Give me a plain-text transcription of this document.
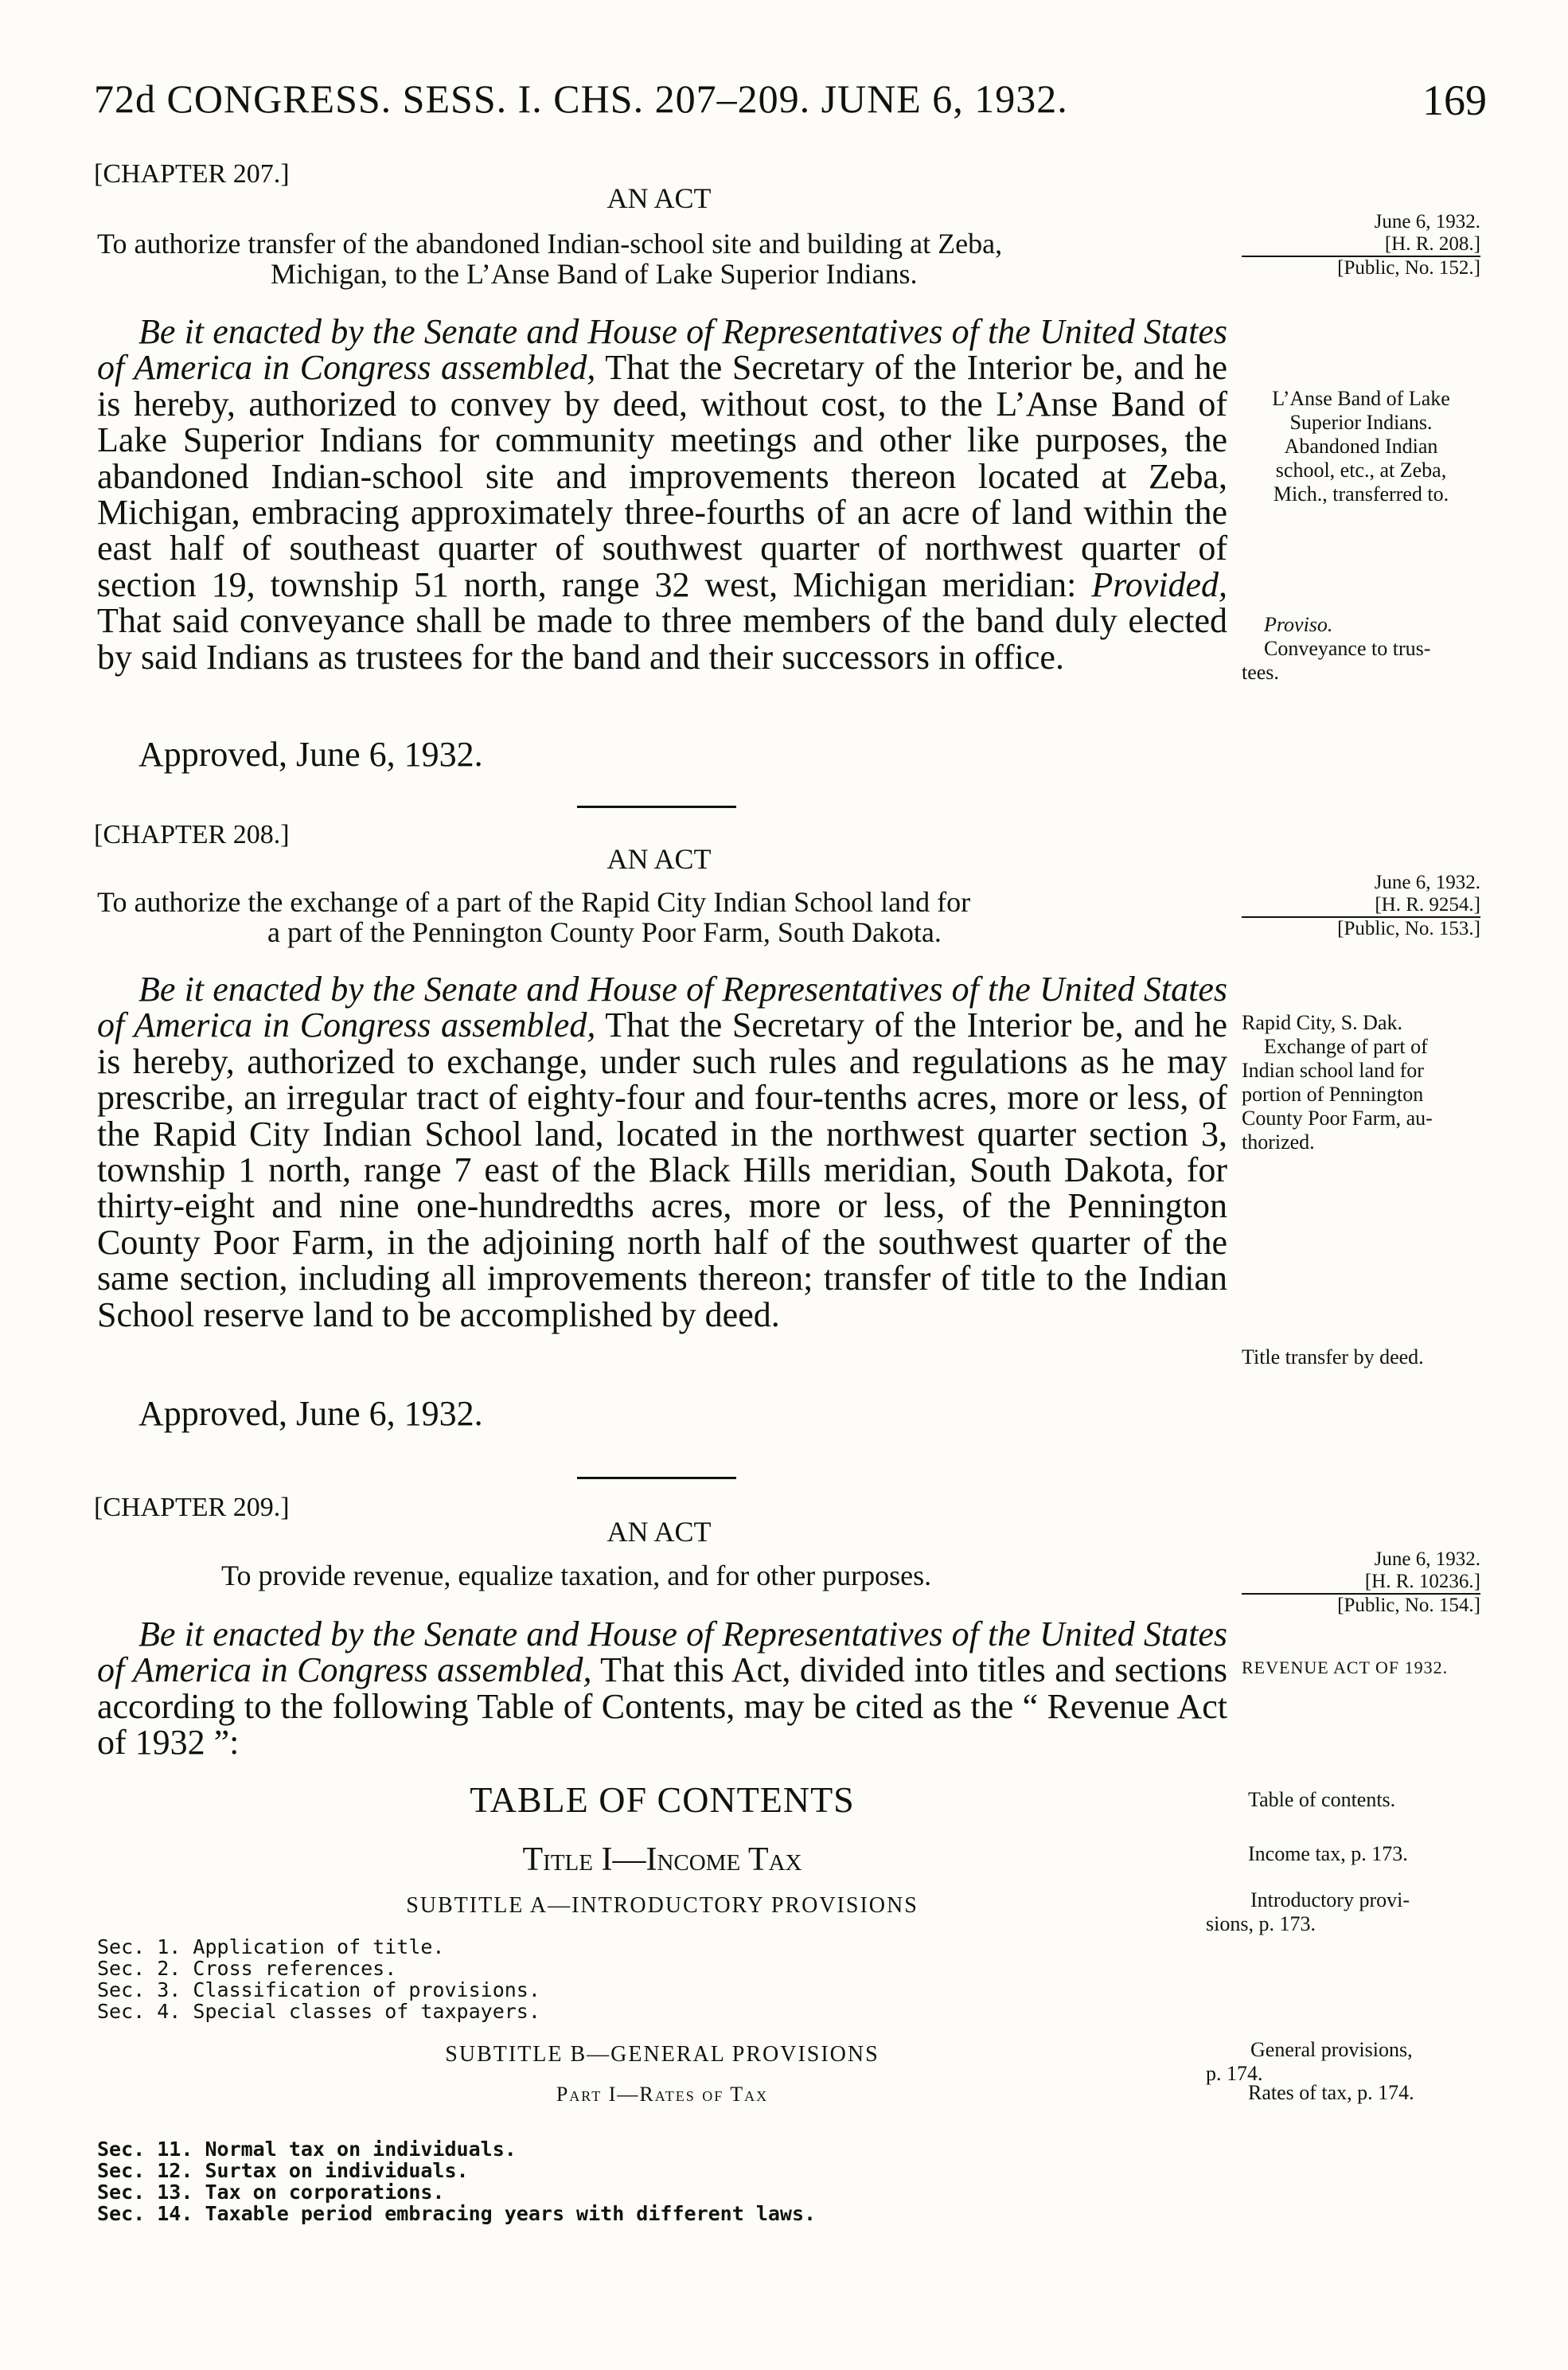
72d CONGRESS. SESS. I. CHS. 207–209. JUNE 6, 1932.	169
[CHAPTER 207.]
AN ACT
To authorize transfer of the abandoned Indian-school site and building at Zeba,
Michigan, to the L’Anse Band of Lake Superior Indians.
June 6, 1932.
[H. R. 208.]
[Public, No. 152.]

Be it enacted by the Senate and House of Representatives of the United States of America in Congress assembled, That the Secretary of the Interior be, and he is hereby, authorized to convey by deed, without cost, to the L’Anse Band of Lake Superior Indians for community meetings and other like purposes, the abandoned Indian-school site and improvements thereon located at Zeba, Michigan, embracing approximately three-fourths of an acre of land within the east half of southeast quarter of southwest quarter of northwest quarter of section 19, township 51 north, range 32 west, Michigan meridian: Provided, That said conveyance shall be made to three members of the band duly elected by said Indians as trustees for the band and their successors in office.

Approved, June 6, 1932.
L’Anse Band of Lake
Superior Indians.
Abandoned Indian
school, etc., at Zeba,
Mich., transferred to.
Proviso.
Conveyance to trus-
tees.
[CHAPTER 208.]
AN ACT
To authorize the exchange of a part of the Rapid City Indian School land for
a part of the Pennington County Poor Farm, South Dakota.
June 6, 1932.
[H. R. 9254.]
[Public, No. 153.]

Be it enacted by the Senate and House of Representatives of the United States of America in Congress assembled, That the Secretary of the Interior be, and he is hereby, authorized to exchange, under such rules and regulations as he may prescribe, an irregular tract of eighty-four and four-tenths acres, more or less, of the Rapid City Indian School land, located in the northwest quarter section 3, township 1 north, range 7 east of the Black Hills meridian, South Dakota, for thirty-eight and nine one-hundredths acres, more or less, of the Pennington County Poor Farm, in the adjoining north half of the southwest quarter of the same section, including all improvements thereon; transfer of title to the Indian School reserve land to be accomplished by deed.

Approved, June 6, 1932.
Rapid City, S. Dak.
Exchange of part of
Indian school land for
portion of Pennington
County Poor Farm, au-
thorized.
Title transfer by deed.
[CHAPTER 209.]
AN ACT
To provide revenue, equalize taxation, and for other purposes.
June 6, 1932.
[H. R. 10236.]
[Public, No. 154.]

Be it enacted by the Senate and House of Representatives of the United States of America in Congress assembled, That this Act, divided into titles and sections according to the following Table of Contents, may be cited as the “ Revenue Act of 1932 ”:

REVENUE ACT OF 1932.
TABLE OF CONTENTS	Table of contents.
Title I—Income Tax	Income tax, p. 173.
SUBTITLE A—INTRODUCTORY PROVISIONS	Introductory provi-
sions, p. 173.
Sec. 1. Application of title.
Sec. 2. Cross references.
Sec. 3. Classification of provisions.
Sec. 4. Special classes of taxpayers.
SUBTITLE B—GENERAL PROVISIONS	General provisions,
p. 174.
Part I—Rates of Tax	Rates of tax, p. 174.
Sec. 11. Normal tax on individuals.
Sec. 12. Surtax on individuals.
Sec. 13. Tax on corporations.
Sec. 14. Taxable period embracing years with different laws.
